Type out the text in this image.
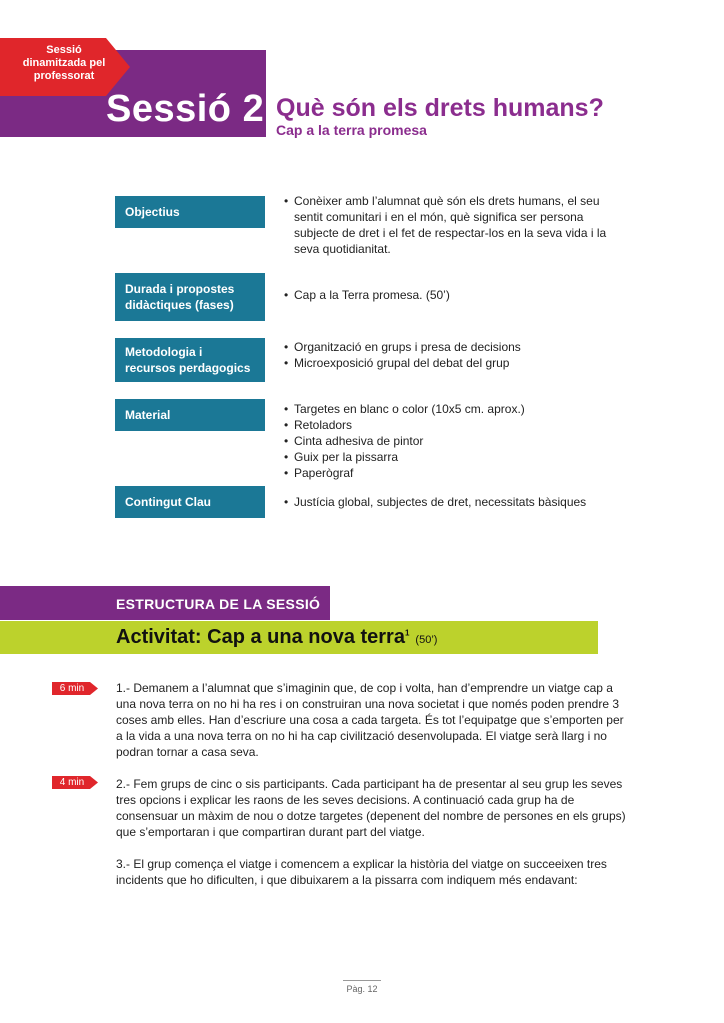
Sessió dinamitzada pel professorat
Sessió 2 Què són els drets humans?
Cap a la terra promesa
Objectius
• Conèixer amb l’alumnat què són els drets humans, el seu sentit comunitari i en el món, què significa ser persona subjecte de dret i el fet de respectar-los en la seva vida i la seva quotidianitat.
Durada i propostes didàctiques (fases)
• Cap a la Terra promesa. (50’)
Metodologia i recursos perdagogics
• Organització en grups i presa de decisions
• Microexposició grupal del debat del grup
Material	• Targetes en blanc o color (10x5 cm. aprox.)
• Retoladors
• Cinta adhesiva de pintor
• Guix per la pissarra
• Paperògraf
Contingut Clau	• Justícia global, subjectes de dret, necessitats bàsiques
ESTRUCTURA DE LA SESSIÓ
Activitat: Cap a una nova terra$^1$(50’)
6 min	1.- Demanem a l’alumnat que s’imaginin que, de cop i volta, han d’emprendre un viatge cap a una nova terra on no hi ha res i on construiran una nova societat i que només poden prendre 3 coses amb elles. Han d’escriure una cosa a cada targeta. És tot l’equipatge que s’emporten per a la vida a una nova terra on no hi ha cap civilització desenvolupada. El viatge serà llarg i no podran tornar a casa seva.

4 min	2.- Fem grups de cinc o sis participants. Cada participant ha de presentar al seu grup les seves tres opcions i explicar les raons de les seves decisions. A continuació cada grup ha de consensuar un màxim de nou o dotze targetes (depenent del nombre de persones en els grups) que s’emportaran i que compartiran durant part del viatge.

3.- El grup comença el viatge i comencem a explicar la història del viatge on succeeixen tres incidents que ho dificulten, i que dibuixarem a la pissarra com indiquem més endavant:

Pàg. 12
